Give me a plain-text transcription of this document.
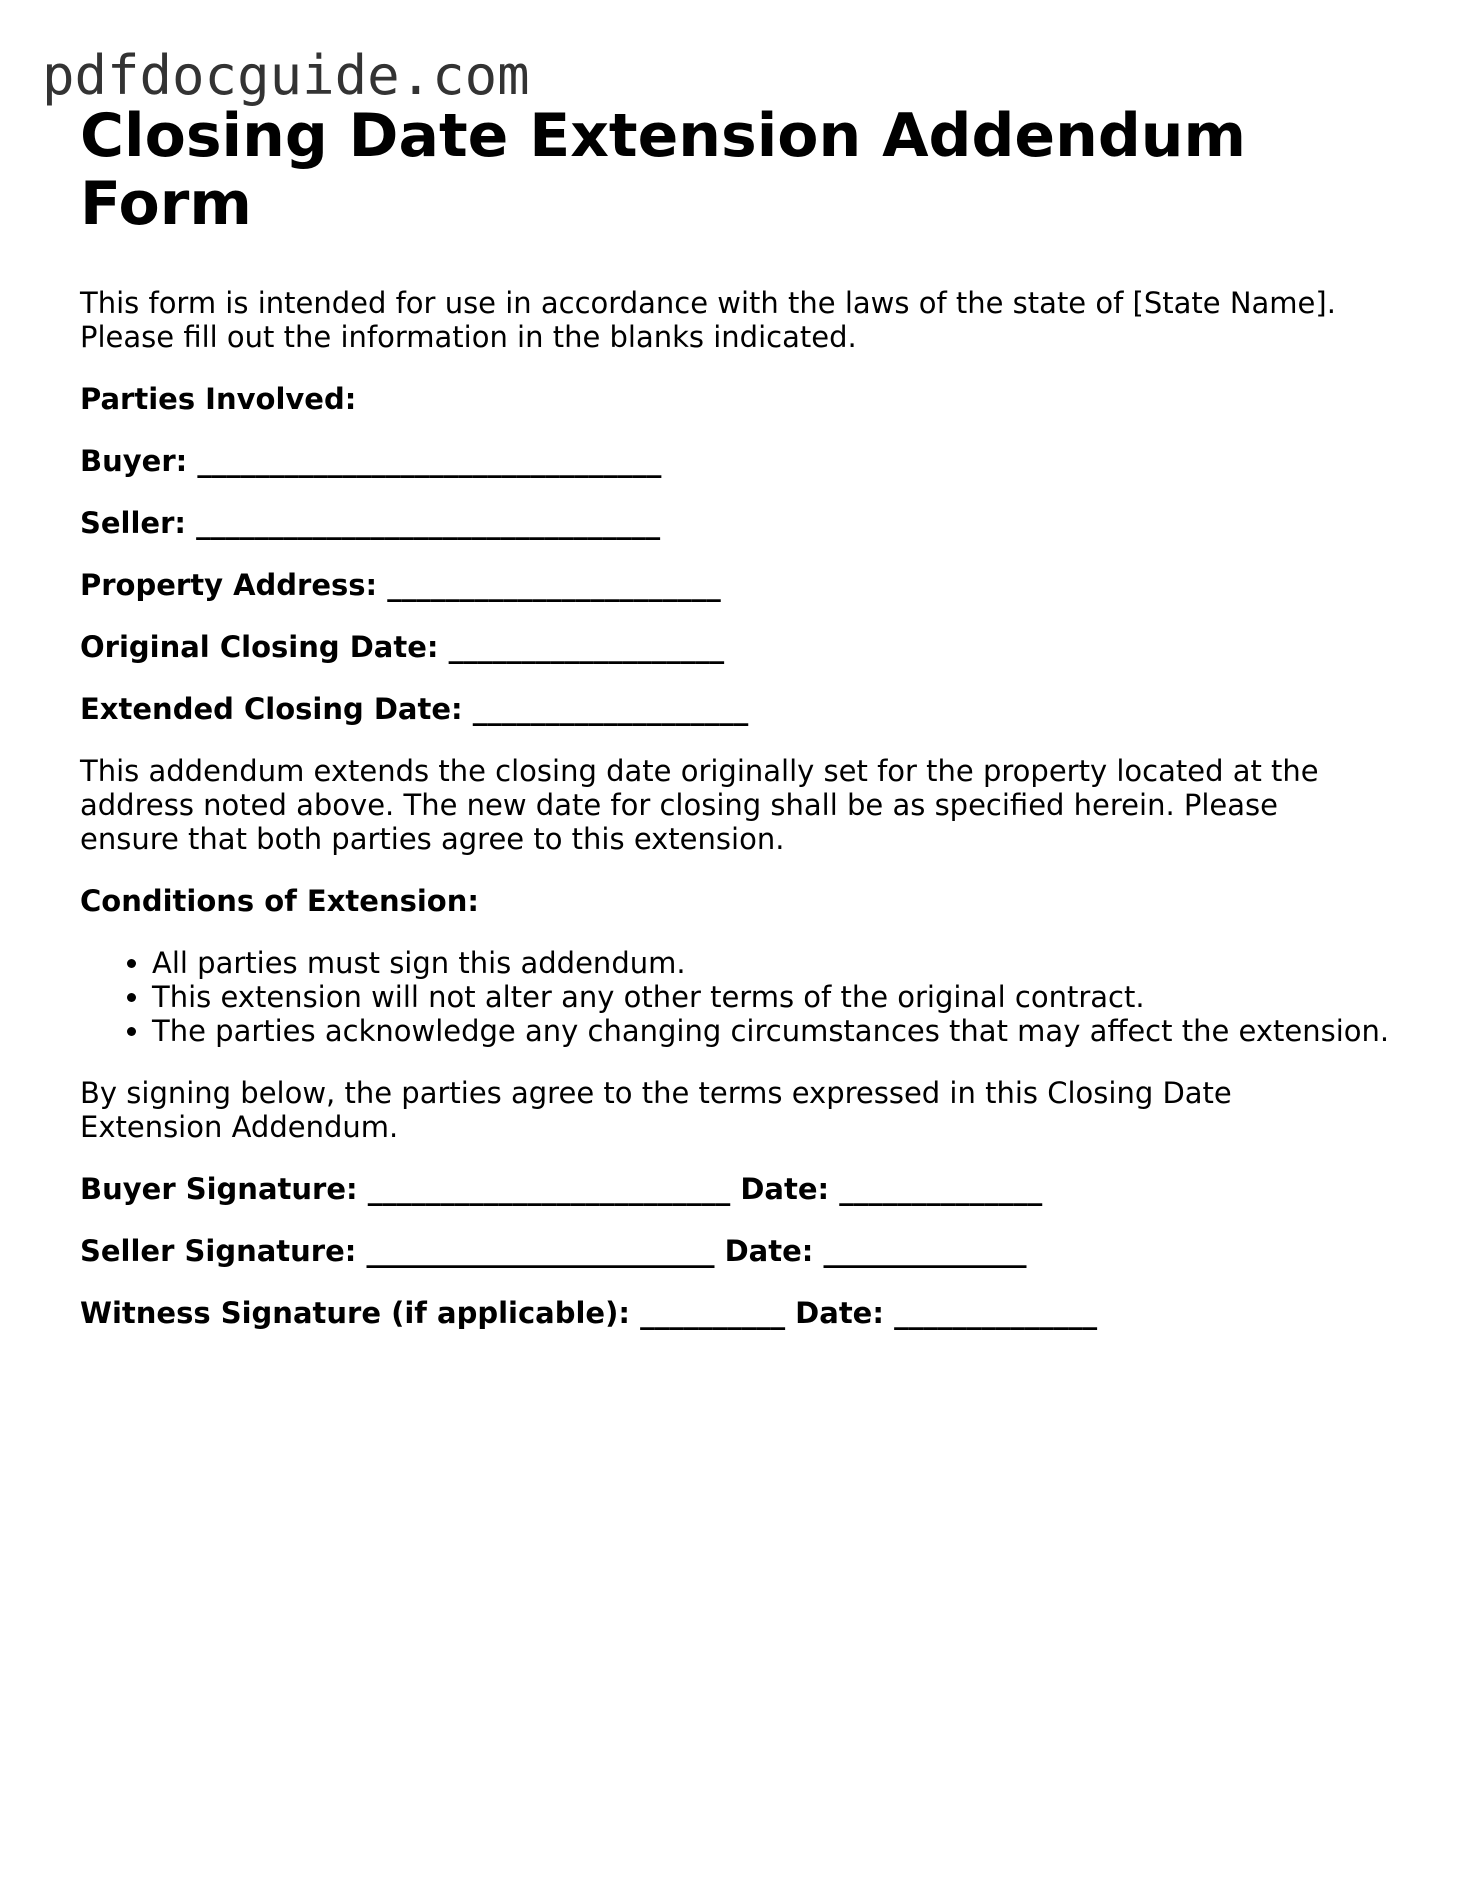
pdfdocguide.com
Closing Date Extension Addendum Form

This form is intended for use in accordance with the laws of the state of [State Name]. Please fill out the information in the blanks indicated.

Parties Involved:

Buyer: ________________________________

Seller: ________________________________

Property Address: _______________________

Original Closing Date: ___________________

Extended Closing Date: ___________________

This addendum extends the closing date originally set for the property located at the address noted above. The new date for closing shall be as specified herein. Please ensure that both parties agree to this extension.

Conditions of Extension:

• All parties must sign this addendum.
• This extension will not alter any other terms of the original contract.
• The parties acknowledge any changing circumstances that may affect the extension.

By signing below, the parties agree to the terms expressed in this Closing Date Extension Addendum.

Buyer Signature: _________________________ Date: ______________

Seller Signature: ________________________ Date: ______________

Witness Signature (if applicable): __________ Date: ______________
